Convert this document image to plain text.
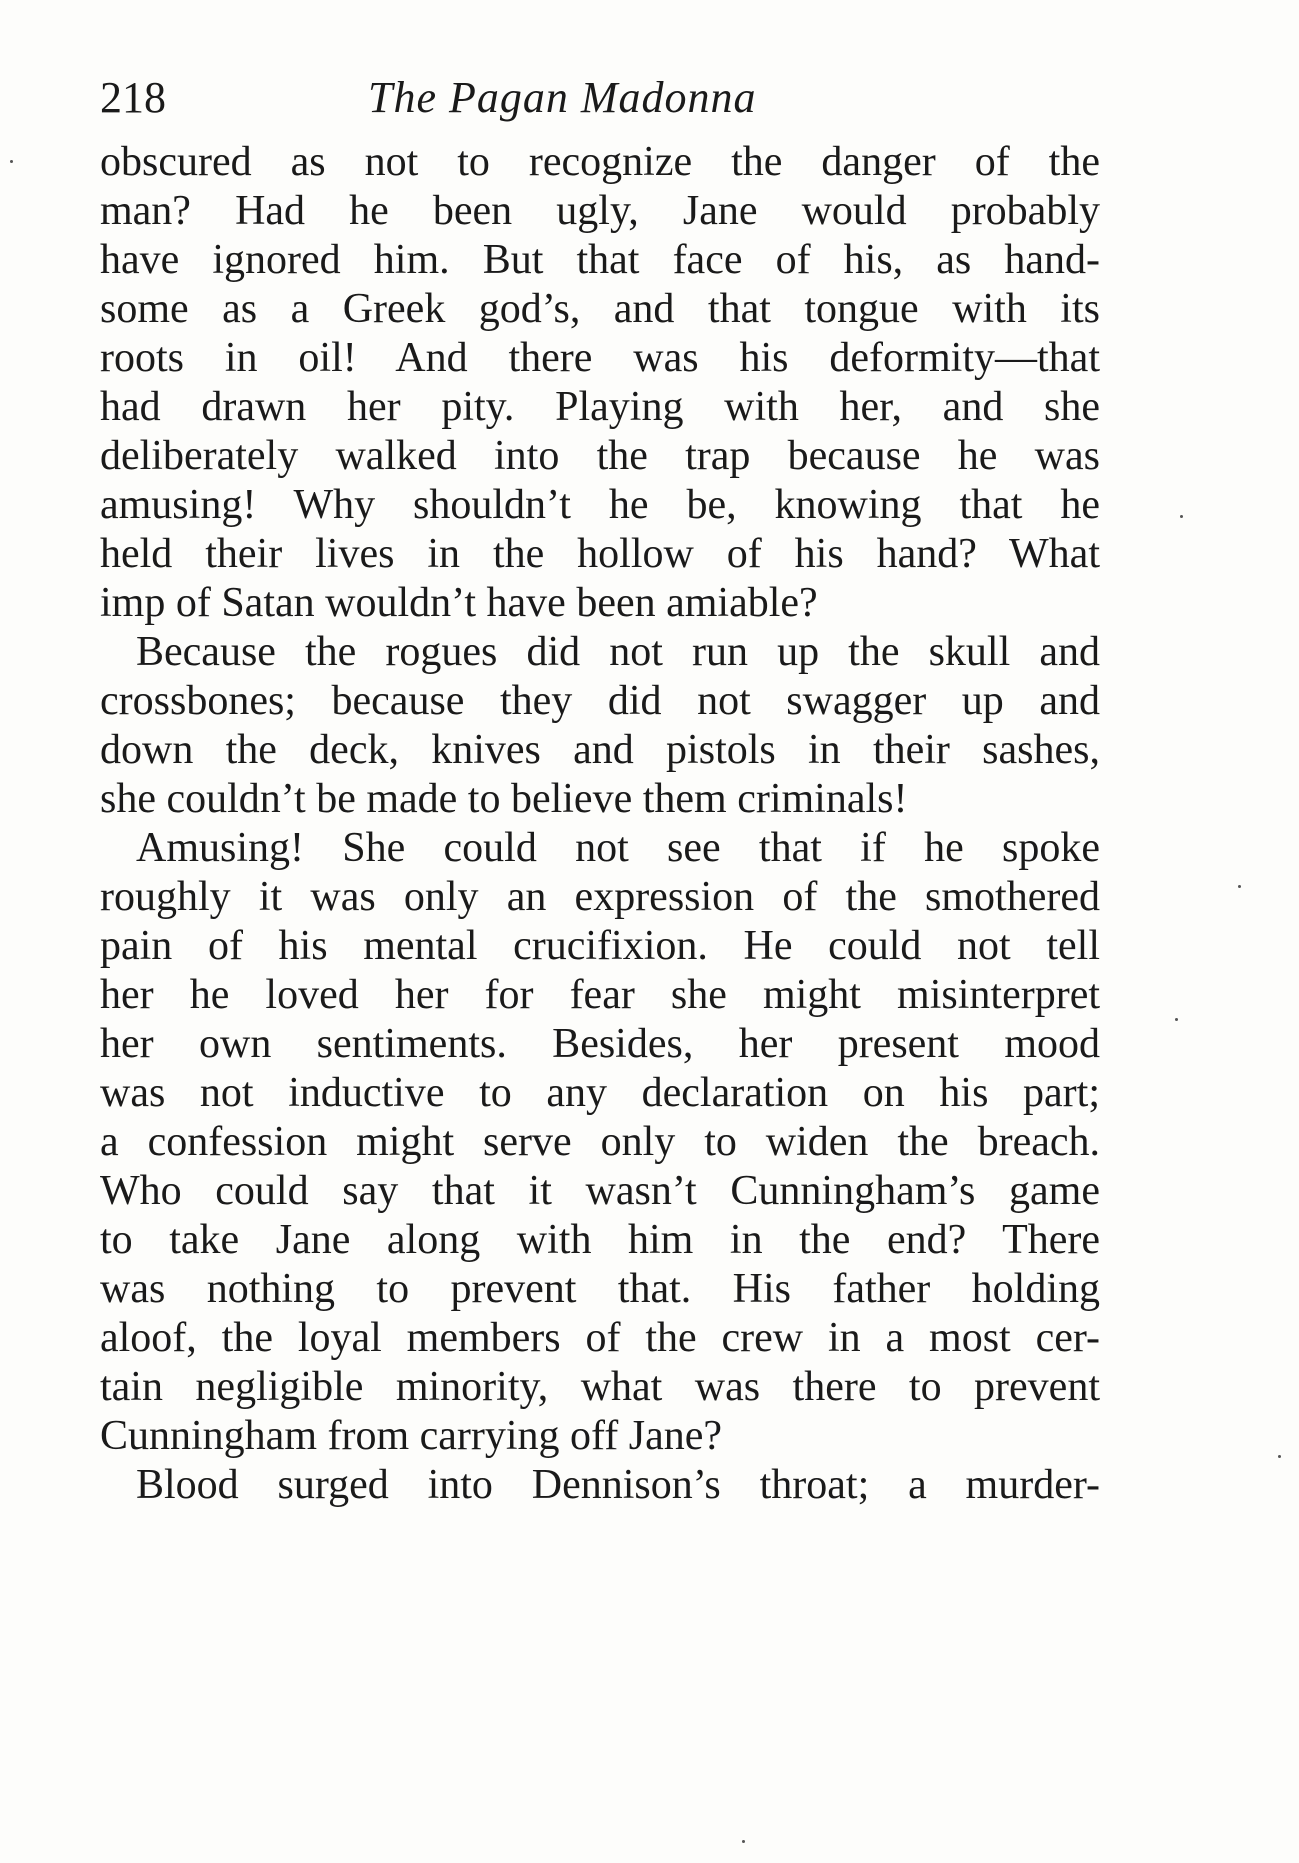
218	The Pagan Madonna
obscured as not to recognize the danger of the
man? Had he been ugly, Jane would probably
have ignored him. But that face of his, as hand-
some as a Greek god’s, and that tongue with its
roots in oil! And there was his deformity—that
had drawn her pity. Playing with her, and she
deliberately walked into the trap because he was
amusing! Why shouldn’t he be, knowing that he
held their lives in the hollow of his hand? What
imp of Satan wouldn’t have been amiable?
Because the rogues did not run up the skull and
crossbones; because they did not swagger up and
down the deck, knives and pistols in their sashes,
she couldn’t be made to believe them criminals!
Amusing! She could not see that if he spoke
roughly it was only an expression of the smothered
pain of his mental crucifixion. He could not tell
her he loved her for fear she might misinterpret
her own sentiments. Besides, her present mood
was not inductive to any declaration on his part;
a confession might serve only to widen the breach.
Who could say that it wasn’t Cunningham’s game
to take Jane along with him in the end? There
was nothing to prevent that. His father holding
aloof, the loyal members of the crew in a most cer-
tain negligible minority, what was there to prevent
Cunningham from carrying off Jane?
Blood surged into Dennison’s throat; a murder-
